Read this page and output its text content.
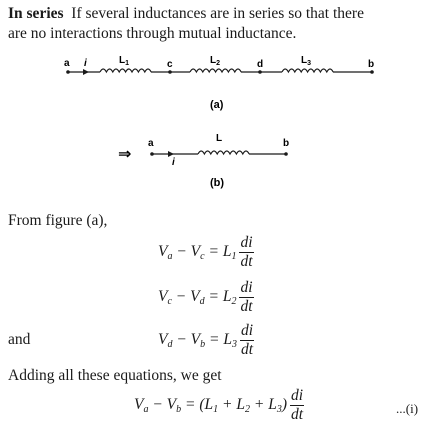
In series If several inductances are in series so that there
are no interactions through mutual inductance.
a i	$L_1$	c	$L_2$	d	$L_3$	b
(a)
⇒
a
i
L	b
(b)
From figure (a),
$V_a - V_c = L_1 \frac{di}{dt}$
$V_c - V_d = L_2 \frac{di}{dt}$
and	$V_d - V_b = L_3 \frac{di}{dt}$
Adding all these equations, we get
$V_a - V_b = (L_1 + L_2 + L_3) \frac{di}{dt}$	...(i)
